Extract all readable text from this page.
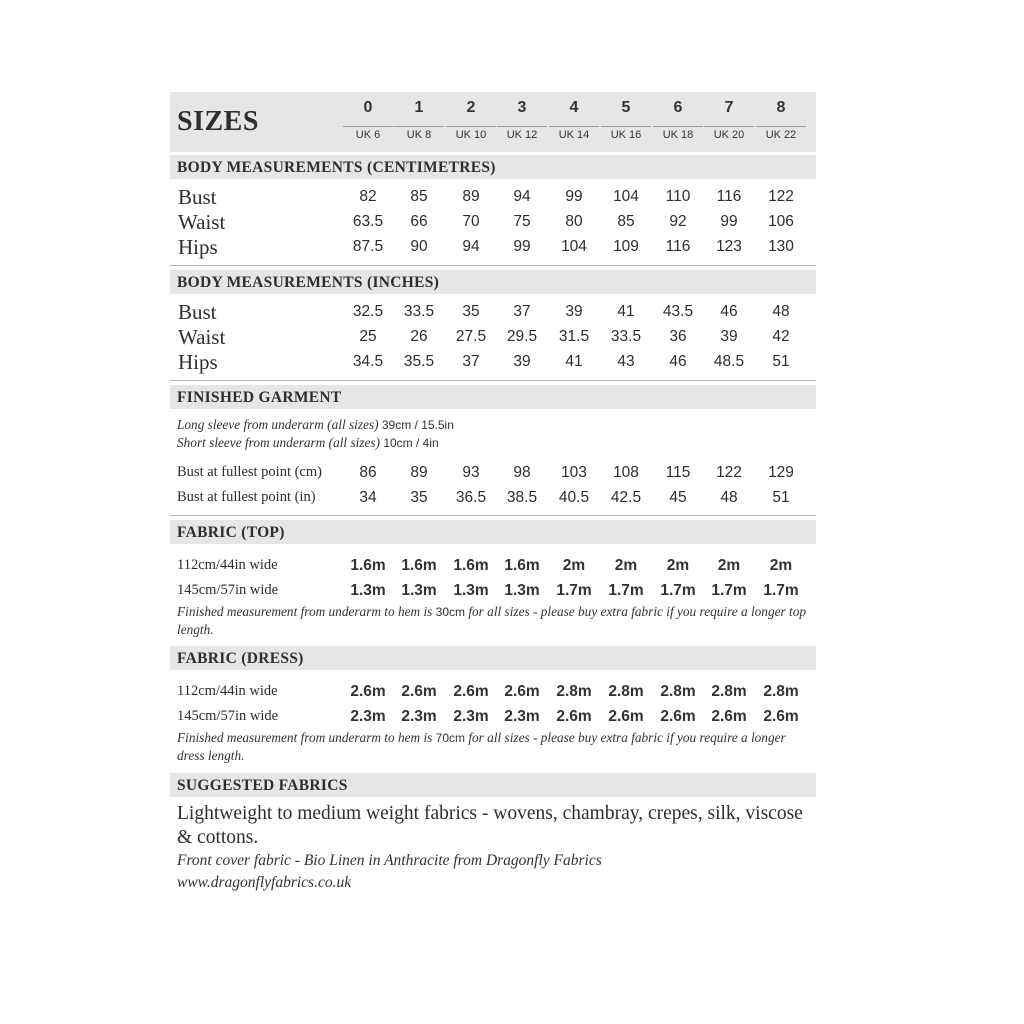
SIZES	0	1	2	3	4	5	6	7	8
UK 6	UK 8	UK 10	UK 12	UK 14	UK 16	UK 18	UK 20	UK 22
BODY MEASUREMENTS (CENTIMETRES)
Bust	82	85	89	94	99	104	110	116	122
Waist	63.5	66	70	75	80	85	92	99	106
Hips	87.5	90	94	99	104	109	116	123	130
BODY MEASUREMENTS (INCHES)
Bust	32.5	33.5	35	37	39	41	43.5	46	48
Waist	25	26	27.5	29.5	31.5	33.5	36	39	42
Hips	34.5	35.5	37	39	41	43	46	48.5	51
FINISHED GARMENT
Long sleeve from underarm (all sizes) 39cm / 15.5in
Short sleeve from underarm (all sizes) 10cm / 4in
Bust at fullest point (cm)	86	89	93	98	103	108	115	122	129
Bust at fullest point (in)	34	35	36.5	38.5	40.5	42.5	45	48	51
FABRIC (TOP)
112cm/44in wide	1.6m	1.6m	1.6m	1.6m	2m	2m	2m	2m	2m
145cm/57in wide	1.3m	1.3m	1.3m	1.3m	1.7m	1.7m	1.7m	1.7m	1.7m
Finished measurement from underarm to hem is 30cm for all sizes - please buy extra fabric if you require a longer top length.
FABRIC (DRESS)
112cm/44in wide	2.6m	2.6m	2.6m	2.6m	2.8m	2.8m	2.8m	2.8m	2.8m
145cm/57in wide	2.3m	2.3m	2.3m	2.3m	2.6m	2.6m	2.6m	2.6m	2.6m
Finished measurement from underarm to hem is 70cm for all sizes - please buy extra fabric if you require a longer dress length.
SUGGESTED FABRICS
Lightweight to medium weight fabrics - wovens, chambray, crepes, silk, viscose & cottons.
Front cover fabric - Bio Linen in Anthracite from Dragonfly Fabrics
www.dragonflyfabrics.co.uk
